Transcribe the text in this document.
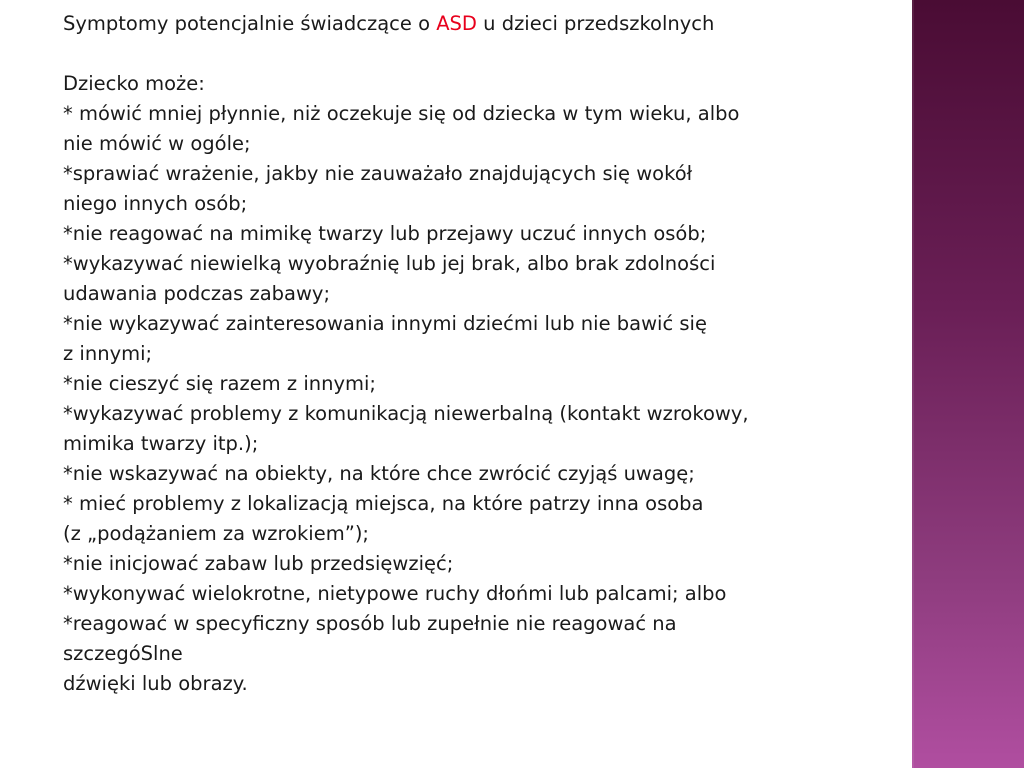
Symptomy potencjalnie świadczące o ASD u dzieci przedszkolnych
Dziecko może:
* mówić mniej płynnie, niż oczekuje się od dziecka w tym wieku, albo
nie mówić w ogóle;
*sprawiać wrażenie, jakby nie zauważało znajdujących się wokół
niego innych osób;
*nie reagować na mimikę twarzy lub przejawy uczuć innych osób;
*wykazywać niewielką wyobraźnię lub jej brak, albo brak zdolności
udawania podczas zabawy;
*nie wykazywać zainteresowania innymi dziećmi lub nie bawić się
z innymi;
*nie cieszyć się razem z innymi;
*wykazywać problemy z komunikacją niewerbalną (kontakt wzrokowy,
mimika twarzy itp.);
*nie wskazywać na obiekty, na które chce zwrócić czyjąś uwagę;
* mieć problemy z lokalizacją miejsca, na które patrzy inna osoba
(z „podążaniem za wzrokiem”);
*nie inicjować zabaw lub przedsięwzięć;
*wykonywać wielokrotne, nietypowe ruchy dłońmi lub palcami; albo
*reagować w specyficzny sposób lub zupełnie nie reagować na
szczegóSlne
dźwięki lub obrazy.
